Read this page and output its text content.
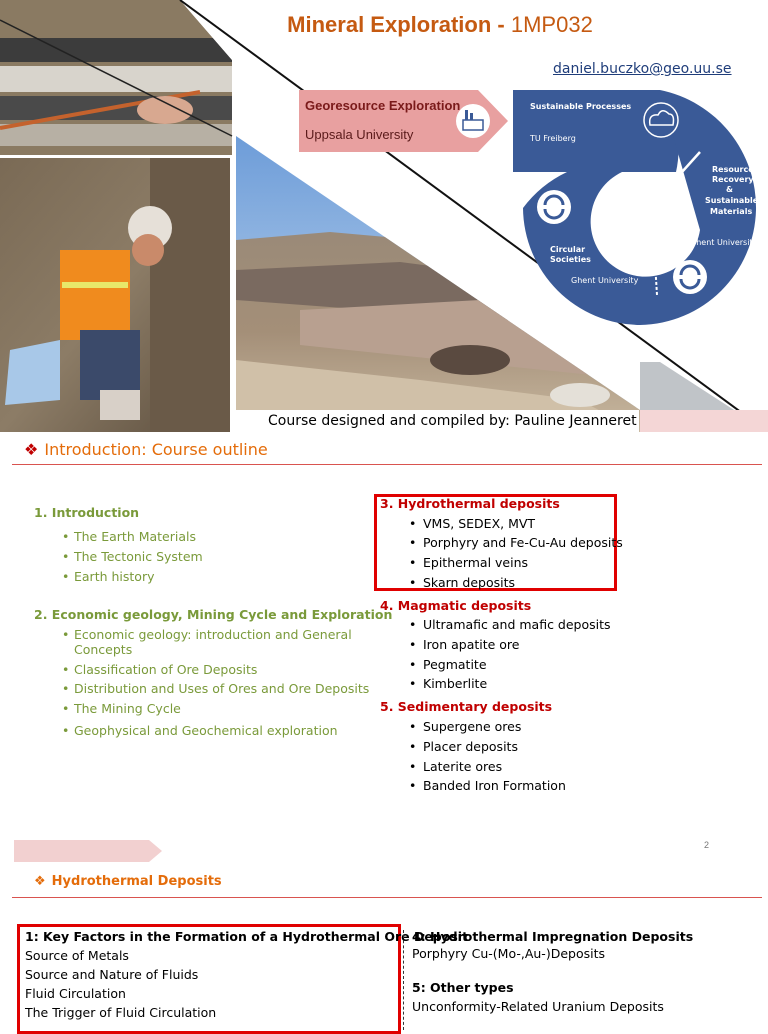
Mineral Exploration - 1MP032
daniel.buczko@geo.uu.se
Georesource Exploration
Uppsala University
Sustainable Processes
TU Freiberg
Resource
Recovery
&
Sustainable
Materials
Ghent University
Circular
Societies
Ghent University
Course designed and compiled by: Pauline Jeanneret
❖ Introduction: Course outline
1. Introduction
• The Earth Materials
• The Tectonic System
• Earth history
2. Economic geology, Mining Cycle and Exploration
• Economic geology: introduction and General
Concepts
• Classification of Ore Deposits
• Distribution and Uses of Ores and Ore Deposits
• The Mining Cycle
• Geophysical and Geochemical exploration
3. Hydrothermal deposits
• VMS, SEDEX, MVT
• Porphyry and Fe-Cu-Au deposits
• Epithermal veins
• Skarn deposits
4. Magmatic deposits
• Ultramafic and mafic deposits
• Iron apatite ore
• Pegmatite
• Kimberlite
5. Sedimentary deposits
• Supergene ores
• Placer deposits
• Laterite ores
• Banded Iron Formation
2
❖ Hydrothermal Deposits
1: Key Factors in the Formation of a Hydrothermal Ore Deposit
Source of Metals
Source and Nature of Fluids
Fluid Circulation
The Trigger of Fluid Circulation
4: Hydrothermal Impregnation Deposits
Porphyry Cu-(Mo-,Au-)Deposits
5: Other types
Unconformity-Related Uranium Deposits
